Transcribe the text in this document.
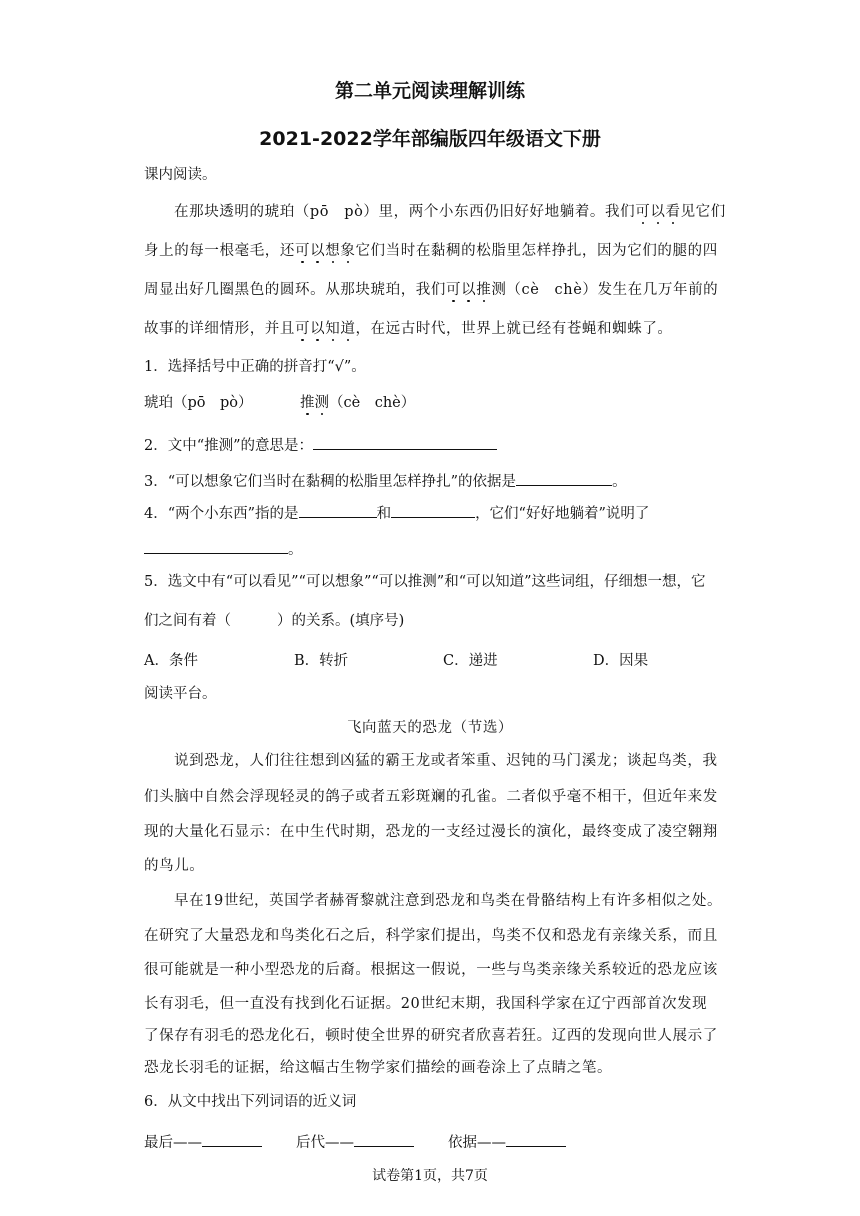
第二单元阅读理解训练
2021-2022学年部编版四年级语文下册
课内阅读。
在那块透明的琥珀（pō　pò）里，两个小东西仍旧好好地躺着。我们可以看见它们
身上的每一根毫毛，还可以想象它们当时在黏稠的松脂里怎样挣扎，因为它们的腿的四
周显出好几圈黑色的圆环。从那块琥珀，我们可以推测（cè　chè）发生在几万年前的
故事的详细情形，并且可以知道，在远古时代，世界上就已经有苍蝇和蜘蛛了。
1．选择括号中正确的拼音打“√”。
琥珀（pō　pò）	推测（cè　chè）
2．文中“推测”的意思是：
3．“可以想象它们当时在黏稠的松脂里怎样挣扎”的依据是	。
4．“两个小东西”指的是	和	，它们“好好地躺着”说明了
。
5．选文中有“可以看见”“可以想象”“可以推测”和“可以知道”这些词组，仔细想一想，它
们之间有着（	）的关系。(填序号)
A．条件	B．转折	C．递进	D．因果
阅读平台。
飞向蓝天的恐龙（节选）
说到恐龙，人们往往想到凶猛的霸王龙或者笨重、迟钝的马门溪龙；谈起鸟类，我
们头脑中自然会浮现轻灵的鸽子或者五彩斑斓的孔雀。二者似乎毫不相干，但近年来发
现的大量化石显示：在中生代时期，恐龙的一支经过漫长的演化，最终变成了凌空翱翔
的鸟儿。
早在19世纪，英国学者赫胥黎就注意到恐龙和鸟类在骨骼结构上有许多相似之处。
在研究了大量恐龙和鸟类化石之后，科学家们提出，鸟类不仅和恐龙有亲缘关系，而且
很可能就是一种小型恐龙的后裔。根据这一假说，一些与鸟类亲缘关系较近的恐龙应该
长有羽毛，但一直没有找到化石证据。20世纪末期，我国科学家在辽宁西部首次发现
了保存有羽毛的恐龙化石，顿时使全世界的研究者欣喜若狂。辽西的发现向世人展示了
恐龙长羽毛的证据，给这幅古生物学家们描绘的画卷涂上了点睛之笔。
6．从文中找出下列词语的近义词
最后——	后代——	依据——
试卷第1页，共7页
